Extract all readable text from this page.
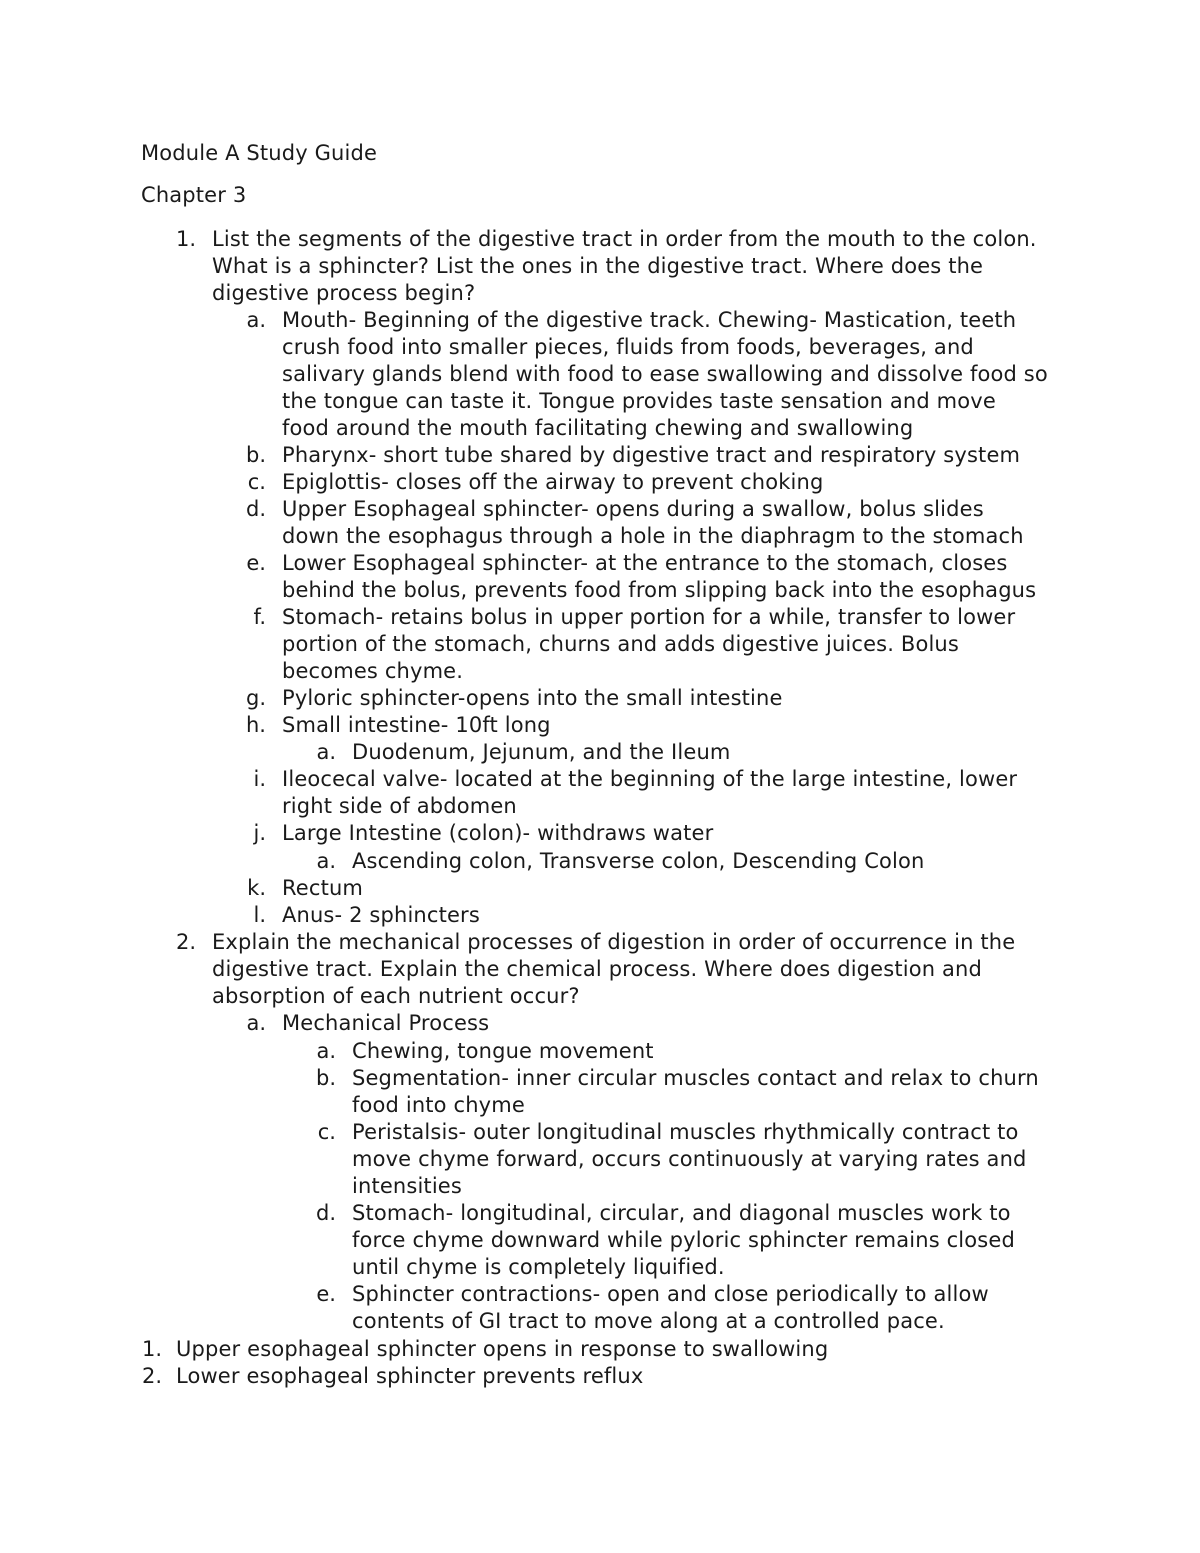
Module A Study Guide
Chapter 3
1. List the segments of the digestive tract in order from the mouth to the colon.
What is a sphincter? List the ones in the digestive tract. Where does the
digestive process begin?
a. Mouth- Beginning of the digestive track. Chewing- Mastication, teeth
crush food into smaller pieces, fluids from foods, beverages, and
salivary glands blend with food to ease swallowing and dissolve food so
the tongue can taste it. Tongue provides taste sensation and move
food around the mouth facilitating chewing and swallowing
b. Pharynx- short tube shared by digestive tract and respiratory system
c. Epiglottis- closes off the airway to prevent choking
d. Upper Esophageal sphincter- opens during a swallow, bolus slides
down the esophagus through a hole in the diaphragm to the stomach
e. Lower Esophageal sphincter- at the entrance to the stomach, closes
behind the bolus, prevents food from slipping back into the esophagus
f. Stomach- retains bolus in upper portion for a while, transfer to lower
portion of the stomach, churns and adds digestive juices. Bolus
becomes chyme.
g. Pyloric sphincter-opens into the small intestine
h. Small intestine- 10ft long
a. Duodenum, Jejunum, and the Ileum
i. Ileocecal valve- located at the beginning of the large intestine, lower
right side of abdomen
j. Large Intestine (colon)- withdraws water
a. Ascending colon, Transverse colon, Descending Colon
k. Rectum
l. Anus- 2 sphincters
2. Explain the mechanical processes of digestion in order of occurrence in the
digestive tract. Explain the chemical process. Where does digestion and
absorption of each nutrient occur?
a. Mechanical Process
a. Chewing, tongue movement
b. Segmentation- inner circular muscles contact and relax to churn
food into chyme
c. Peristalsis- outer longitudinal muscles rhythmically contract to
move chyme forward, occurs continuously at varying rates and
intensities
d. Stomach- longitudinal, circular, and diagonal muscles work to
force chyme downward while pyloric sphincter remains closed
until chyme is completely liquified.
e. Sphincter contractions- open and close periodically to allow
contents of GI tract to move along at a controlled pace.
1. Upper esophageal sphincter opens in response to swallowing
2. Lower esophageal sphincter prevents reflux
